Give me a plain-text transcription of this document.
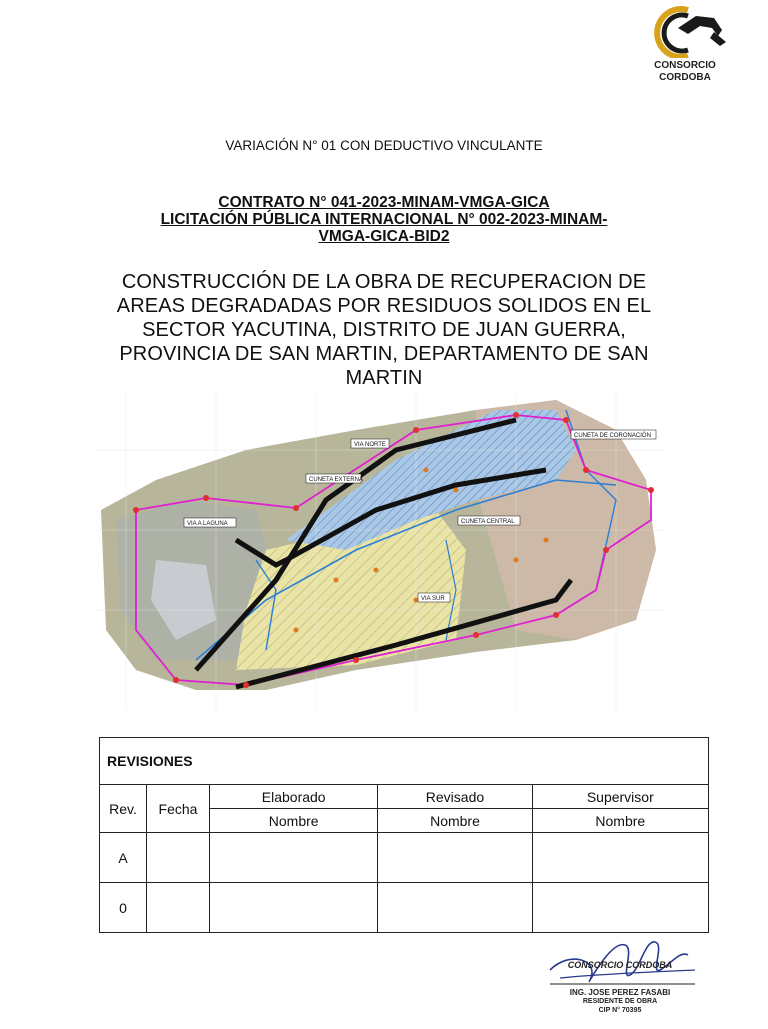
CONSORCIO
CORDOBA
VARIACIÓN N° 01 CON DEDUCTIVO VINCULANTE
CONTRATO N° 041-2023-MINAM-VMGA-GICA
LICITACIÓN PÚBLICA INTERNACIONAL N° 002-2023-MINAM-
VMGA-GICA-BID2
CONSTRUCCIÓN DE LA OBRA DE RECUPERACION DE AREAS DEGRADADAS POR RESIDUOS SOLIDOS EN EL SECTOR YACUTINA, DISTRITO DE JUAN GUERRA, PROVINCIA DE SAN MARTIN, DEPARTAMENTO DE SAN MARTIN
VIA NORTE
CUNETA DE CORONACIÓN
CUNETA EXTERNA
VIA A LAGUNA	CUNETA CENTRAL
VIA SUR
REVISIONES				
Rev.	Fecha	Elaborado	Revisado	Supervisor
		Nombre	Nombre	Nombre
A				
0				
CONSORCIO CORDOBA
ING. JOSE PEREZ FASABI
RESIDENTE DE OBRA
CIP N° 70395
